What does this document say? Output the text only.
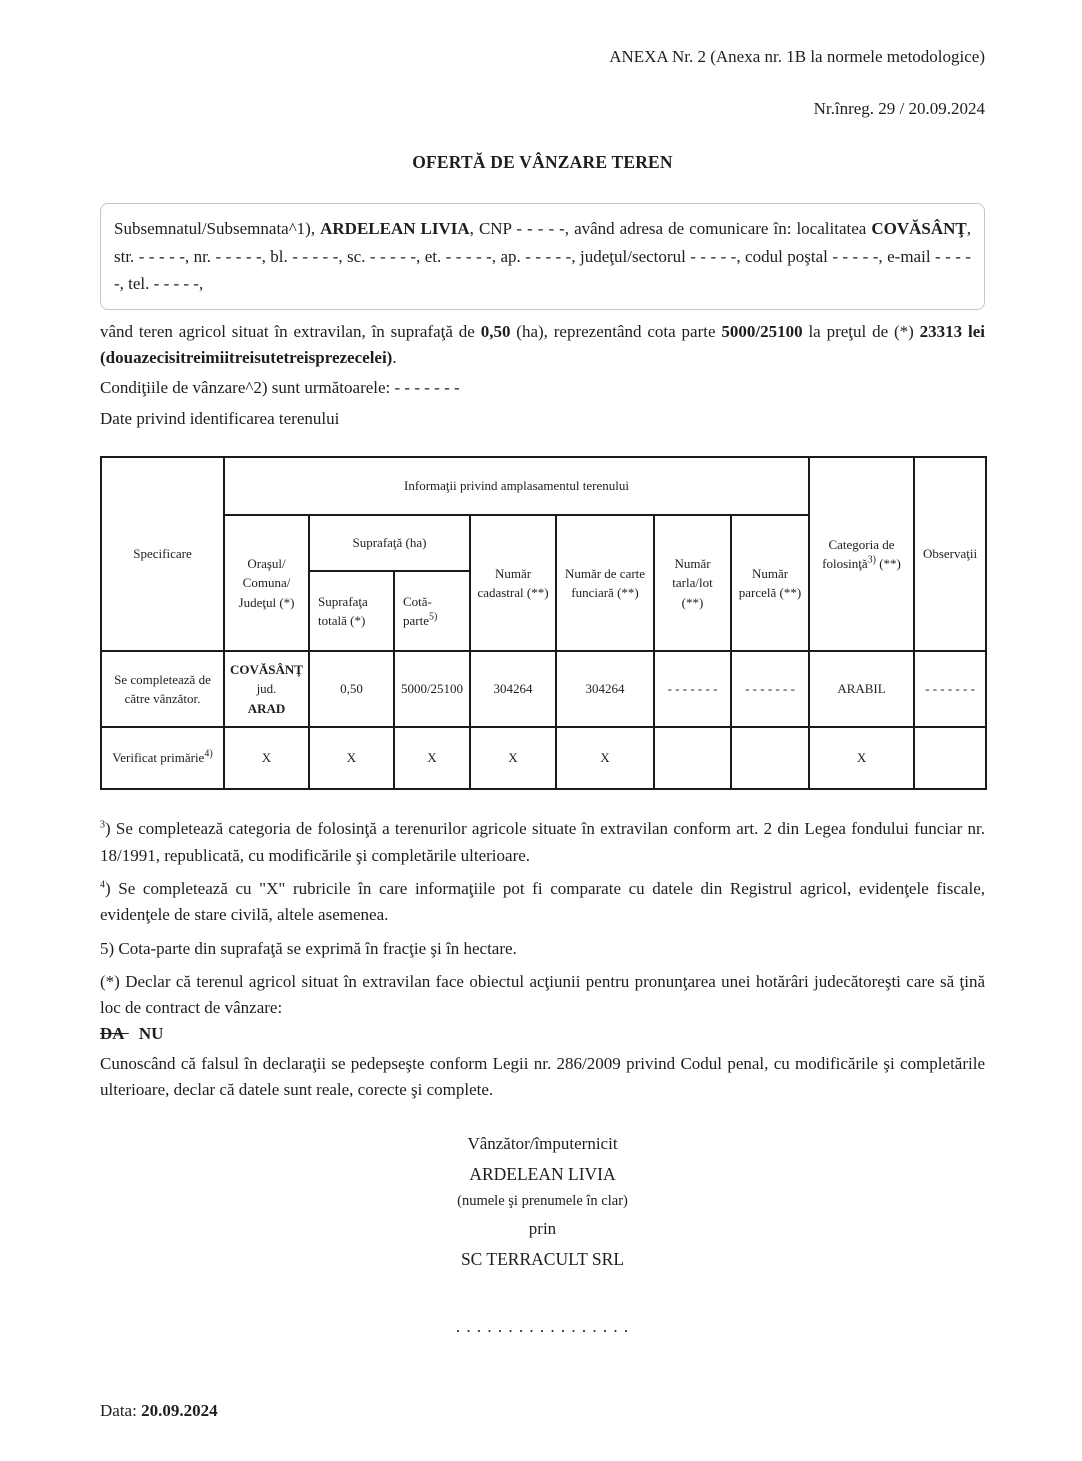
ANEXA Nr. 2 (Anexa nr. 1B la normele metodologice)
Nr.înreg. 29 / 20.09.2024
OFERTĂ DE VÂNZARE TEREN
Subsemnatul/Subsemnata^1), ARDELEAN LIVIA, CNP - - - - -, având adresa de comunicare în: localitatea COVĂSÂNŢ, str. - - - - -, nr. - - - - -, bl. - - - - -, sc. - - - - -, et. - - - - -, ap. - - - - -, judeţul/sectorul - - - - -, codul poştal - - - - -, e-mail - - - - -, tel. - - - - -,
vând teren agricol situat în extravilan, în suprafaţă de 0,50 (ha), reprezentând cota parte 5000/25100 la preţul de (*) 23313 lei (douazecisitreimiitreisutetreisprezecelei).
Condiţiile de vânzare^2) sunt următoarele: - - - - - - -
Date privind identificarea terenului
Specificare	Informaţii privind amplasamentul terenului							Categoria de folosinţă$^{3)}$ (**)	Observaţii

	Oraşul/
Comuna/
Judeţul (*)	Suprafaţă (ha)		Număr cadastral (**)	Număr de carte funciară (**)	Număr tarla/lot (**)	Număr parcelă (**)		
		Suprafaţa totală (*)	Cotă-parte$^{5)}$
Se completează de către vânzător.	COVĂSÂNŢ
jud.
ARAD	0,50	5000/25100	304264	304264	- - - - - - -	- - - - - - -	ARABIL	- - - - - - -
Verificat primărie$^{4)}$	X	X	X	X	X			X	
$^3$) Se completează categoria de folosinţă a terenurilor agricole situate în extravilan conform art. 2 din Legea fondului funciar nr. 18/1991, republicată, cu modificările şi completările ulterioare.
$^4$) Se completează cu "X" rubricile în care informaţiile pot fi comparate cu datele din Registrul agricol, evidenţele fiscale, evidenţele de stare civilă, altele asemenea.
5) Cota-parte din suprafaţă se exprimă în fracţie şi în hectare.
(*) Declar că terenul agricol situat în extravilan face obiectul acţiunii pentru pronunţarea unei hotărâri judecătoreşti care să ţină loc de contract de vânzare:
DA NU
Cunoscând că falsul în declaraţii se pedepseşte conform Legii nr. 286/2009 privind Codul penal, cu modificările şi completările ulterioare, declar că datele sunt reale, corecte şi complete.
Vânzător/împuternicit
ARDELEAN LIVIA
(numele şi prenumele în clar)
prin
SC TERRACULT SRL
. . . . . . . . . . . . . . . . .
Data: 20.09.2024
